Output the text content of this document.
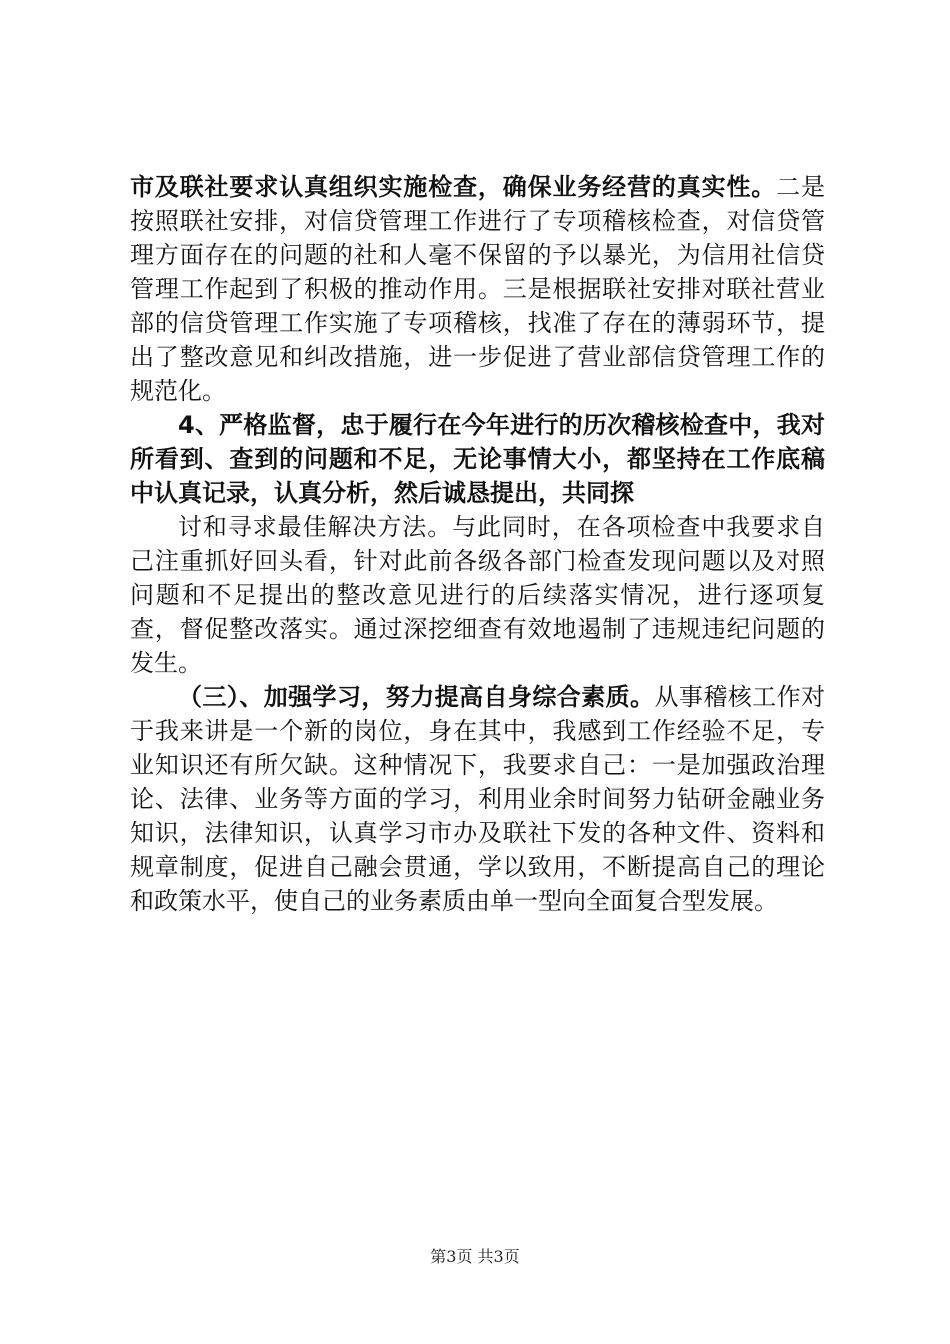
市及联社要求认真组织实施检查，确保业务经营的真实性。二是按照联社安排，对信贷管理工作进行了专项稽核检查，对信贷管理方面存在的问题的社和人毫不保留的予以暴光，为信用社信贷管理工作起到了积极的推动作用。三是根据联社安排对联社营业部的信贷管理工作实施了专项稽核，找准了存在的薄弱环节，提出了整改意见和纠改措施，进一步促进了营业部信贷管理工作的规范化。

4、严格监督，忠于履行在今年进行的历次稽核检查中，我对所看到、查到的问题和不足，无论事情大小，都坚持在工作底稿中认真记录，认真分析，然后诚恳提出，共同探

讨和寻求最佳解决方法。与此同时，在各项检查中我要求自己注重抓好回头看，针对此前各级各部门检查发现问题以及对照问题和不足提出的整改意见进行的后续落实情况，进行逐项复查，督促整改落实。通过深挖细查有效地遏制了违规违纪问题的发生。

（三）、加强学习，努力提高自身综合素质。从事稽核工作对于我来讲是一个新的岗位，身在其中，我感到工作经验不足，专业知识还有所欠缺。这种情况下，我要求自己：一是加强政治理论、法律、业务等方面的学习，利用业余时间努力钻研金融业务知识，法律知识，认真学习市办及联社下发的各种文件、资料和规章制度，促进自己融会贯通，学以致用，不断提高自己的理论和政策水平，使自己的业务素质由单一型向全面复合型发展。

第3页 共3页
